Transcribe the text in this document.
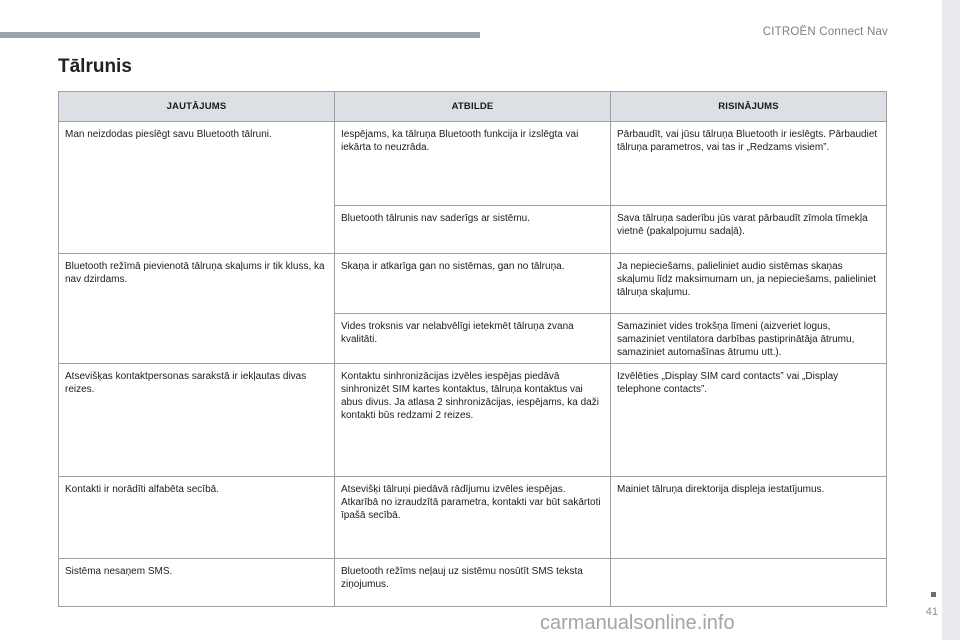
CITROËN Connect Nav
41
Tālrunis
JAUTĀJUMS	ATBILDE	RISINĀJUMS
Man neizdodas pieslēgt savu Bluetooth tālruni.	Iespējams, ka tālruņa Bluetooth funkcija ir izslēgta vai iekārta to neuzrāda.	Pārbaudīt, vai jūsu tālruņa Bluetooth ir ieslēgts. Pārbaudiet tālruņa parametros, vai tas ir „Redzams visiem”.
	Bluetooth tālrunis nav saderīgs ar sistēmu.	Sava tālruņa saderību jūs varat pārbaudīt zīmola tīmekļa vietnē (pakalpojumu sadaļā).
Bluetooth režīmā pievienotā tālruņa skaļums ir tik kluss, ka nav dzirdams.	Skaņa ir atkarīga gan no sistēmas, gan no tālruņa.	Ja nepieciešams, palieliniet audio sistēmas skaņas skaļumu līdz maksimumam un, ja nepieciešams, palieliniet tālruņa skaļumu.
	Vides troksnis var nelabvēlīgi ietekmēt tālruņa zvana kvalitāti.	Samaziniet vides trokšņa līmeni (aizveriet logus, samaziniet ventilatora darbības pastiprinātāja ātrumu, samaziniet automašīnas ātrumu utt.).
Atsevišķas kontaktpersonas sarakstā ir iekļautas divas reizes.	Kontaktu sinhronizācijas izvēles iespējas piedāvā sinhronizēt SIM kartes kontaktus, tālruņa kontaktus vai abus divus. Ja atlasa 2 sinhronizācijas, iespējams, ka daži kontakti būs redzami 2 reizes.	Izvēlēties „Display SIM card contacts” vai „Display telephone contacts”.
Kontakti ir norādīti alfabēta secībā.	Atsevišķi tālruņi piedāvā rādījumu izvēles iespējas. Atkarībā no izraudzītā parametra, kontakti var būt sakārtoti īpašā secībā.	Mainiet tālruņa direktorija displeja iestatījumus.
Sistēma nesaņem SMS.	Bluetooth režīms neļauj uz sistēmu nosūtīt SMS teksta ziņojumus.	
carmanualsonline.info
